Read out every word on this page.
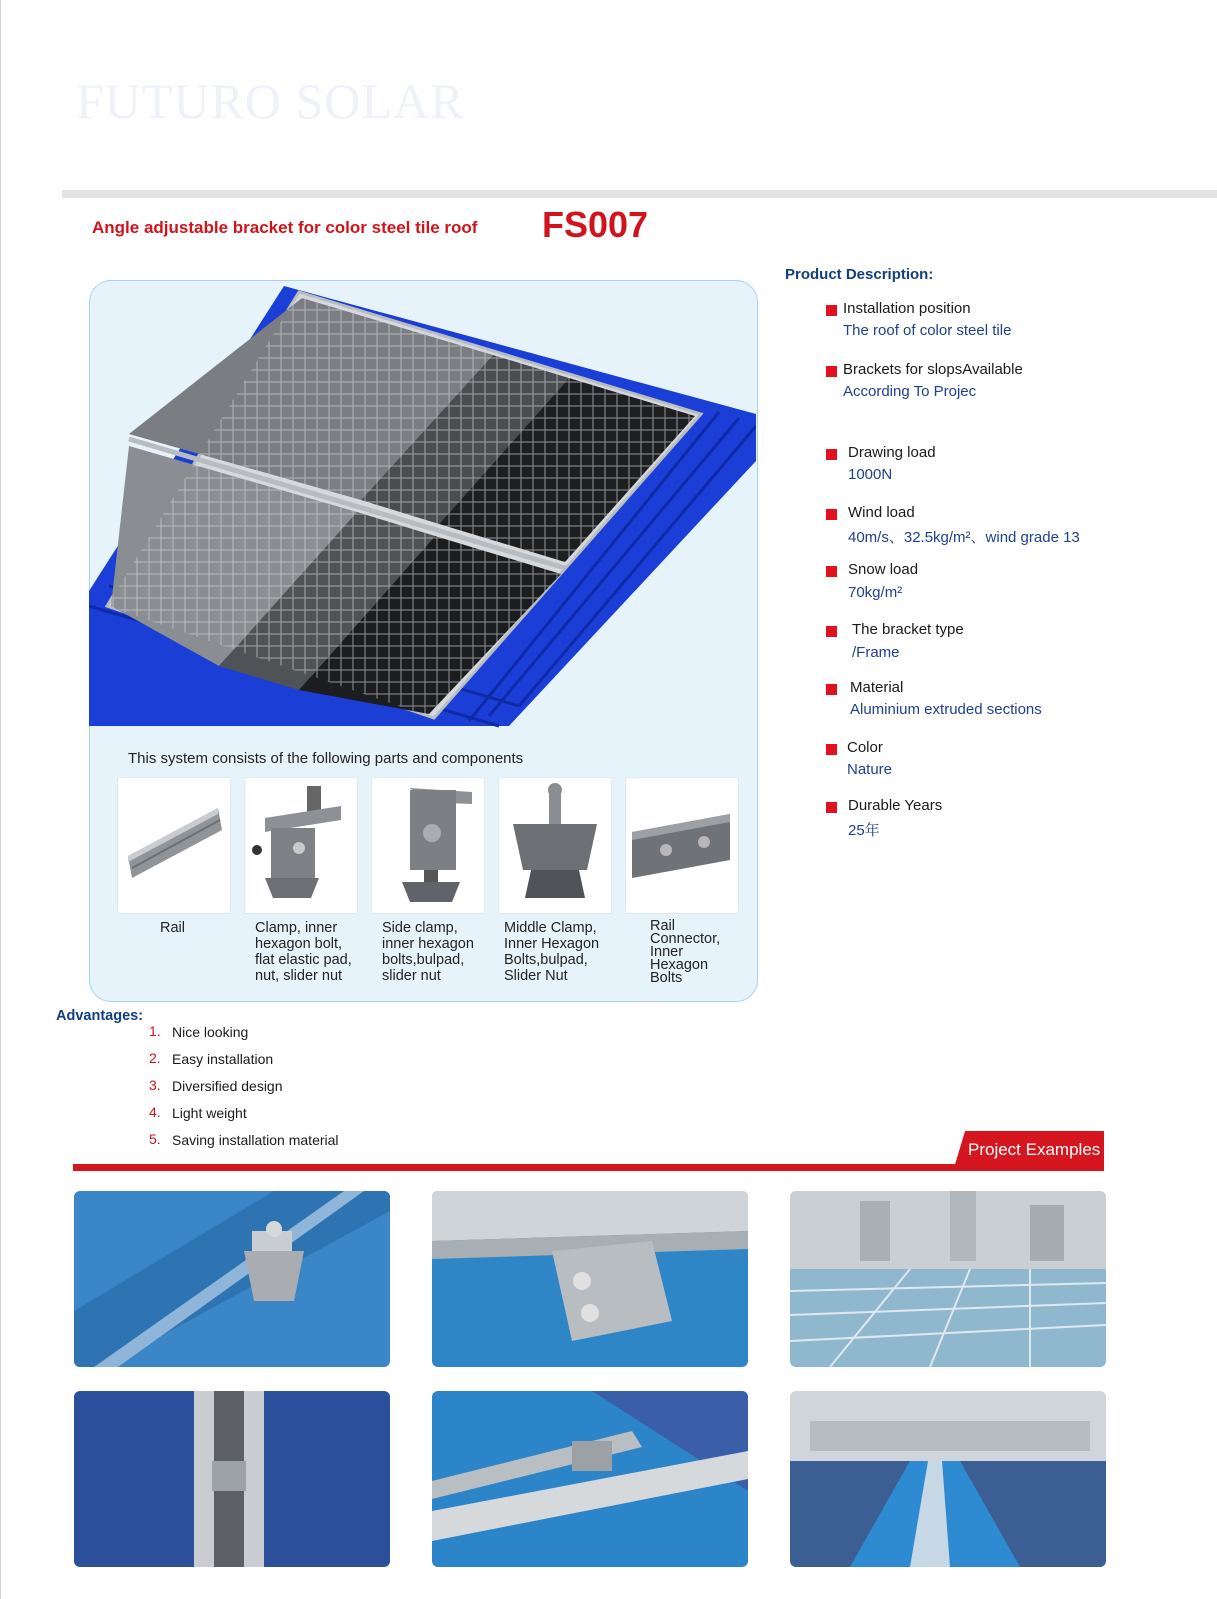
FUTURO SOLAR
Angle adjustable bracket for color steel tile roof FS007
This system consists of the following parts and components
Rail	Clamp, inner
hexagon bolt,
flat elastic pad,
nut, slider nut
Side clamp,
inner hexagon
bolts,bulpad,
slider nut
Middle Clamp,
Inner Hexagon
Bolts,bulpad,
Slider Nut
Rail
Connector,
Inner
Hexagon
Bolts
Product Description:
Installation position
The roof of color steel tile
Brackets for slopsAvailable
According To Projec
Drawing load
1000N
Wind load
40m/s、32.5kg/m²、wind grade 13
Snow load
70kg/m²
The bracket type
/Frame
Material
Aluminium extruded sections
Color
Nature
Durable Years
25年
Advantages:
1. Nice looking
2. Easy installation
3. Diversified design
4. Light weight
5. Saving installation material	Project Examples
